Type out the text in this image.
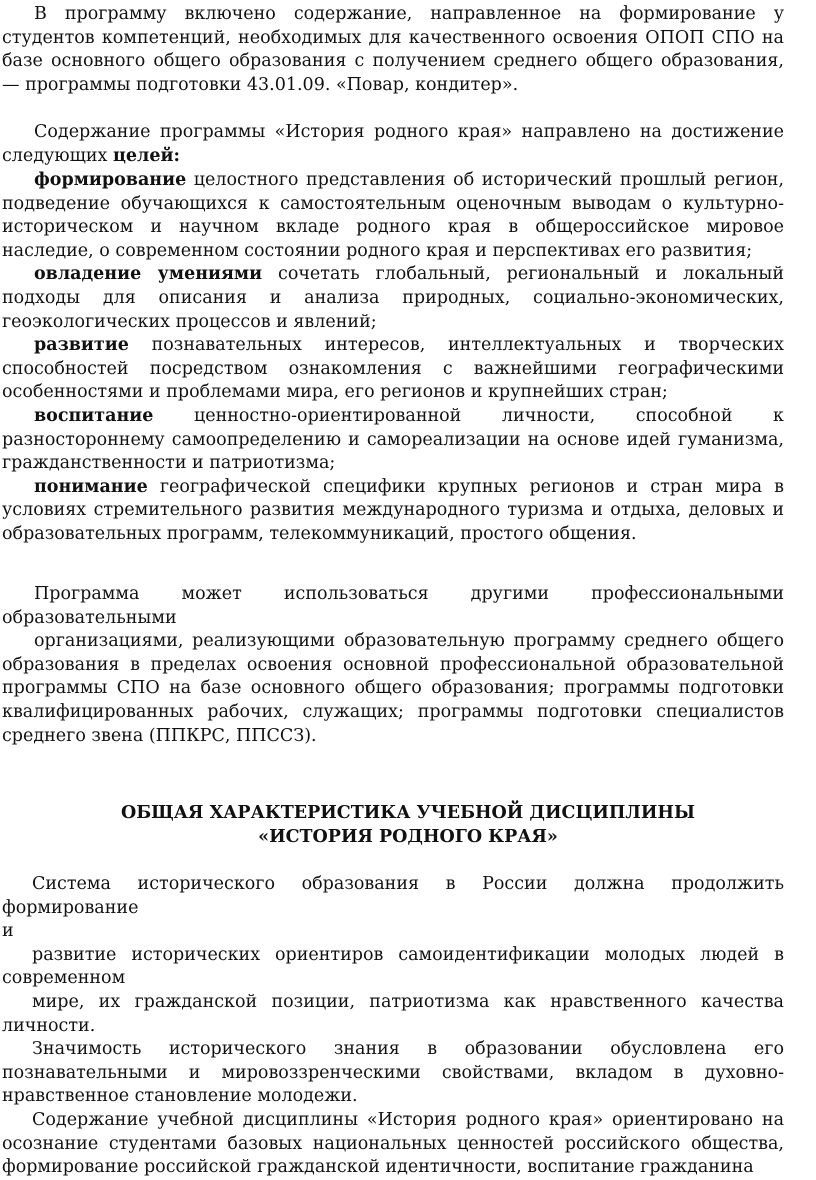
В программу включено содержание, направленное на формирование у студентов компетенций, необходимых для качественного освоения ОПОП СПО на базе основного общего образования с получением среднего общего образования, — программы подготовки 43.01.09. «Повар, кондитер».

Содержание программы «История родного края» направлено на достижение следующих целей:

формирование целостного представления об исторический прошлый регион, подведение обучающихся к самостоятельным оценочным выводам о культурно-историческом и научном вкладе родного края в общероссийское мировое наследие, о современном состоянии родного края и перспективах его развития;

овладение умениями сочетать глобальный, региональный и локальный подходы для описания и анализа природных, социально-экономических, геоэкологических процессов и явлений;

развитие познавательных интересов, интеллектуальных и творческих способностей посредством ознакомления с важнейшими географическими особенностями и проблемами мира, его регионов и крупнейших стран;

воспитание ценностно-ориентированной личности, способной к разностороннему самоопределению и самореализации на основе идей гуманизма, гражданственности и патриотизма;

понимание географической специфики крупных регионов и стран мира в условиях стремительного развития международного туризма и отдыха, деловых и образовательных программ, телекоммуникаций, простого общения.

Программа может использоваться другими профессиональными

образовательными

организациями, реализующими образовательную программу среднего общего образования в пределах освоения основной профессиональной образовательной программы СПО на базе основного общего образования; программы подготовки квалифицированных рабочих, служащих; программы подготовки специалистов среднего звена (ППКРС, ППССЗ).

ОБЩАЯ ХАРАКТЕРИСТИКА УЧЕБНОЙ ДИСЦИПЛИНЫ

«ИСТОРИЯ РОДНОГО КРАЯ»

Система исторического образования в России должна продолжить формирование

и

развитие исторических ориентиров самоидентификации молодых людей в

современном

мире, их гражданской позиции, патриотизма как нравственного качества

личности.

Значимость исторического знания в образовании обусловлена его познавательными и мировоззренческими свойствами, вкладом в духовно-нравственное становление молодежи.

Содержание учебной дисциплины «История родного края» ориентировано на осознание студентами базовых национальных ценностей российского общества, формирование российской гражданской идентичности, воспитание гражданина
